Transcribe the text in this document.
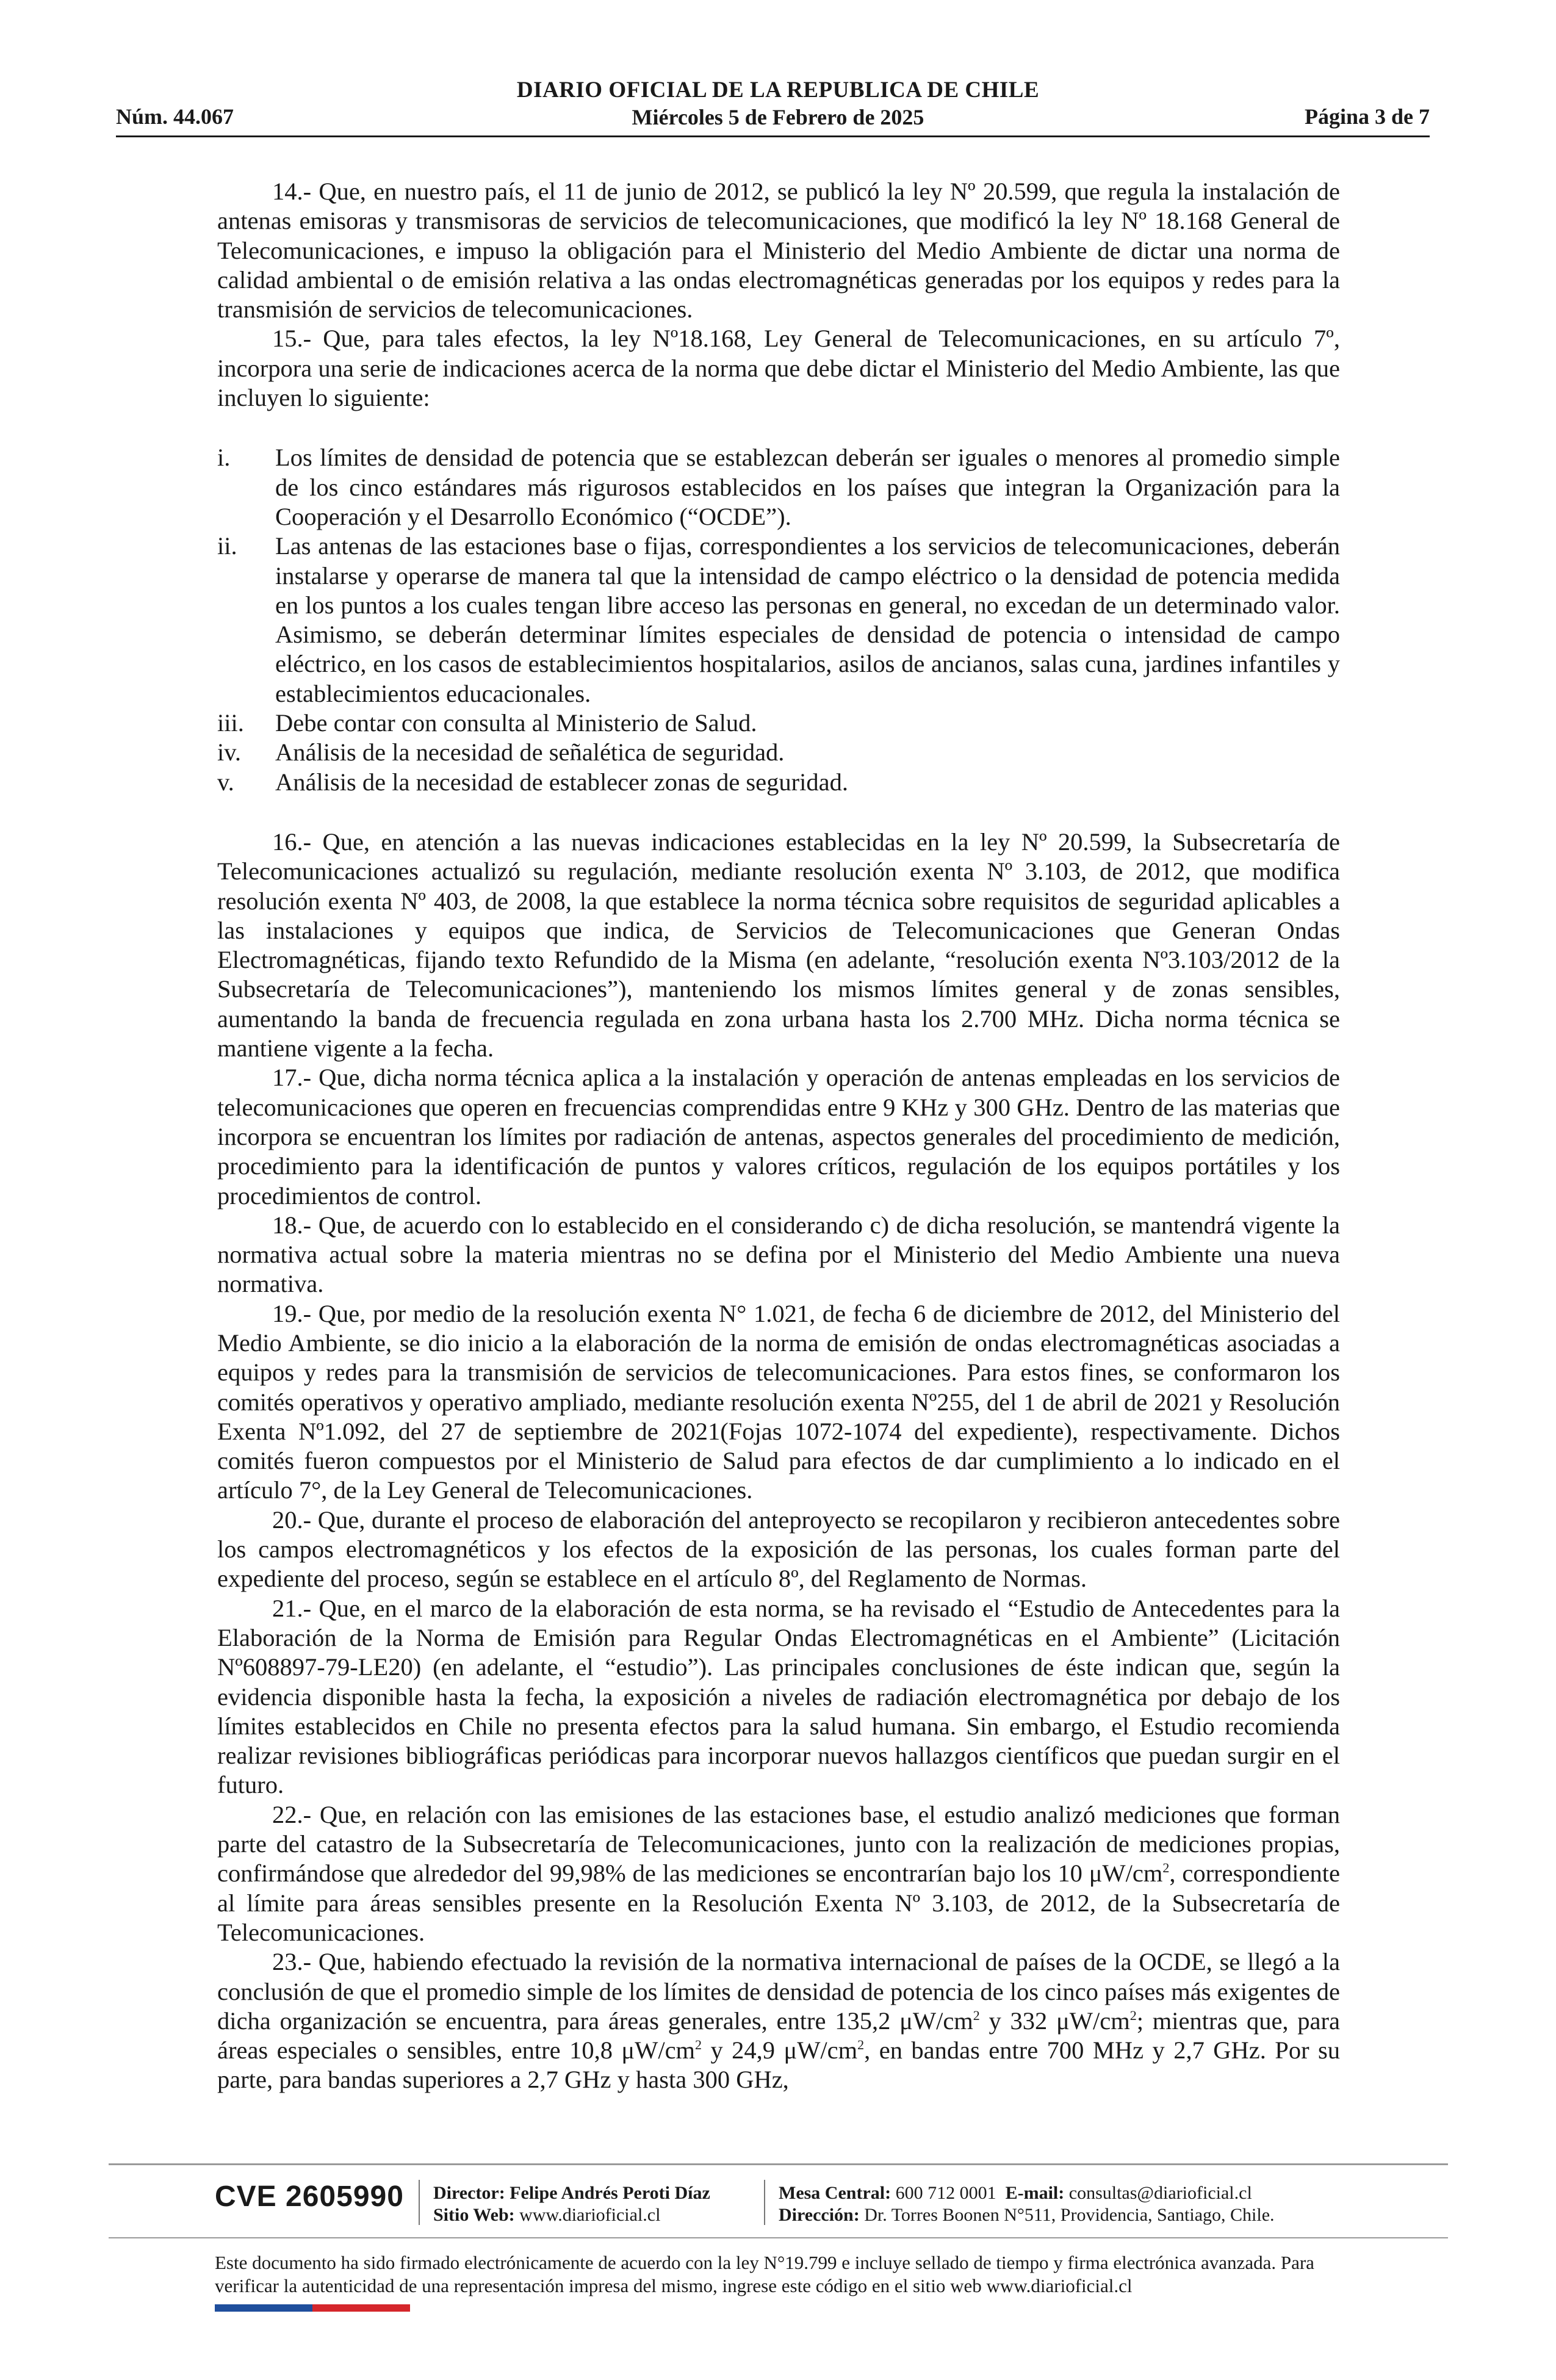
Núm. 44.067
DIARIO OFICIAL DE LA REPUBLICA DE CHILE
Miércoles 5 de Febrero de 2025	Página 3 de 7

14.- Que, en nuestro país, el 11 de junio de 2012, se publicó la ley Nº 20.599, que regula la instalación de antenas emisoras y transmisoras de servicios de telecomunicaciones, que modificó la ley Nº 18.168 General de Telecomunicaciones, e impuso la obligación para el Ministerio del Medio Ambiente de dictar una norma de calidad ambiental o de emisión relativa a las ondas electromagnéticas generadas por los equipos y redes para la transmisión de servicios de telecomunicaciones.

15.- Que, para tales efectos, la ley Nº18.168, Ley General de Telecomunicaciones, en su artículo 7º, incorpora una serie de indicaciones acerca de la norma que debe dictar el Ministerio del Medio Ambiente, las que incluyen lo siguiente:

i. Los límites de densidad de potencia que se establezcan deberán ser iguales o menores al promedio simple de los cinco estándares más rigurosos establecidos en los países que integran la Organización para la Cooperación y el Desarrollo Económico (“OCDE”).
ii. Las antenas de las estaciones base o fijas, correspondientes a los servicios de telecomunicaciones, deberán instalarse y operarse de manera tal que la intensidad de campo eléctrico o la densidad de potencia medida en los puntos a los cuales tengan libre acceso las personas en general, no excedan de un determinado valor. Asimismo, se deberán determinar límites especiales de densidad de potencia o intensidad de campo eléctrico, en los casos de establecimientos hospitalarios, asilos de ancianos, salas cuna, jardines infantiles y establecimientos educacionales.
iii. Debe contar con consulta al Ministerio de Salud.
iv. Análisis de la necesidad de señalética de seguridad.
v. Análisis de la necesidad de establecer zonas de seguridad.

16.- Que, en atención a las nuevas indicaciones establecidas en la ley Nº 20.599, la Subsecretaría de Telecomunicaciones actualizó su regulación, mediante resolución exenta Nº 3.103, de 2012, que modifica resolución exenta Nº 403, de 2008, la que establece la norma técnica sobre requisitos de seguridad aplicables a las instalaciones y equipos que indica, de Servicios de Telecomunicaciones que Generan Ondas Electromagnéticas, fijando texto Refundido de la Misma (en adelante, “resolución exenta Nº3.103/2012 de la Subsecretaría de Telecomunicaciones”), manteniendo los mismos límites general y de zonas sensibles, aumentando la banda de frecuencia regulada en zona urbana hasta los 2.700 MHz. Dicha norma técnica se mantiene vigente a la fecha.

17.- Que, dicha norma técnica aplica a la instalación y operación de antenas empleadas en los servicios de telecomunicaciones que operen en frecuencias comprendidas entre 9 KHz y 300 GHz. Dentro de las materias que incorpora se encuentran los límites por radiación de antenas, aspectos generales del procedimiento de medición, procedimiento para la identificación de puntos y valores críticos, regulación de los equipos portátiles y los procedimientos de control.

18.- Que, de acuerdo con lo establecido en el considerando c) de dicha resolución, se mantendrá vigente la normativa actual sobre la materia mientras no se defina por el Ministerio del Medio Ambiente una nueva normativa.

19.- Que, por medio de la resolución exenta N° 1.021, de fecha 6 de diciembre de 2012, del Ministerio del Medio Ambiente, se dio inicio a la elaboración de la norma de emisión de ondas electromagnéticas asociadas a equipos y redes para la transmisión de servicios de telecomunicaciones. Para estos fines, se conformaron los comités operativos y operativo ampliado, mediante resolución exenta Nº255, del 1 de abril de 2021 y Resolución Exenta Nº1.092, del 27 de septiembre de 2021(Fojas 1072-1074 del expediente), respectivamente. Dichos comités fueron compuestos por el Ministerio de Salud para efectos de dar cumplimiento a lo indicado en el artículo 7°, de la Ley General de Telecomunicaciones.

20.- Que, durante el proceso de elaboración del anteproyecto se recopilaron y recibieron antecedentes sobre los campos electromagnéticos y los efectos de la exposición de las personas, los cuales forman parte del expediente del proceso, según se establece en el artículo 8º, del Reglamento de Normas.

21.- Que, en el marco de la elaboración de esta norma, se ha revisado el “Estudio de Antecedentes para la Elaboración de la Norma de Emisión para Regular Ondas Electromagnéticas en el Ambiente” (Licitación Nº608897-79-LE20) (en adelante, el “estudio”). Las principales conclusiones de éste indican que, según la evidencia disponible hasta la fecha, la exposición a niveles de radiación electromagnética por debajo de los límites establecidos en Chile no presenta efectos para la salud humana. Sin embargo, el Estudio recomienda realizar revisiones bibliográficas periódicas para incorporar nuevos hallazgos científicos que puedan surgir en el futuro.

22.- Que, en relación con las emisiones de las estaciones base, el estudio analizó mediciones que forman parte del catastro de la Subsecretaría de Telecomunicaciones, junto con la realización de mediciones propias, confirmándose que alrededor del 99,98% de las mediciones se encontrarían bajo los 10 $\mu W/cm^2$, correspondiente al límite para áreas sensibles presente en la Resolución Exenta Nº 3.103, de 2012, de la Subsecretaría de Telecomunicaciones.

23.- Que, habiendo efectuado la revisión de la normativa internacional de países de la OCDE, se llegó a la conclusión de que el promedio simple de los límites de densidad de potencia de los cinco países más exigentes de dicha organización se encuentra, para áreas generales, entre 135,2 $\mu W/cm^2$ y 332 $\mu W/cm^2$; mientras que, para áreas especiales o sensibles, entre 10,8 $\mu W/cm^2$ y 24,9 $\mu W/cm^2$, en bandas entre 700 MHz y 2,7 GHz. Por su parte, para bandas superiores a 2,7 GHz y hasta 300 GHz,

CVE 2605990 Director: Felipe Andrés Peroti Díaz
Sitio Web: www.diarioficial.cl
Mesa Central: 600 712 0001 E-mail: consultas@diarioficial.cl
Dirección: Dr. Torres Boonen N°511, Providencia, Santiago, Chile.
Este documento ha sido firmado electrónicamente de acuerdo con la ley N°19.799 e incluye sellado de tiempo y firma electrónica avanzada. Para verificar la autenticidad de una representación impresa del mismo, ingrese este código en el sitio web www.diarioficial.cl
